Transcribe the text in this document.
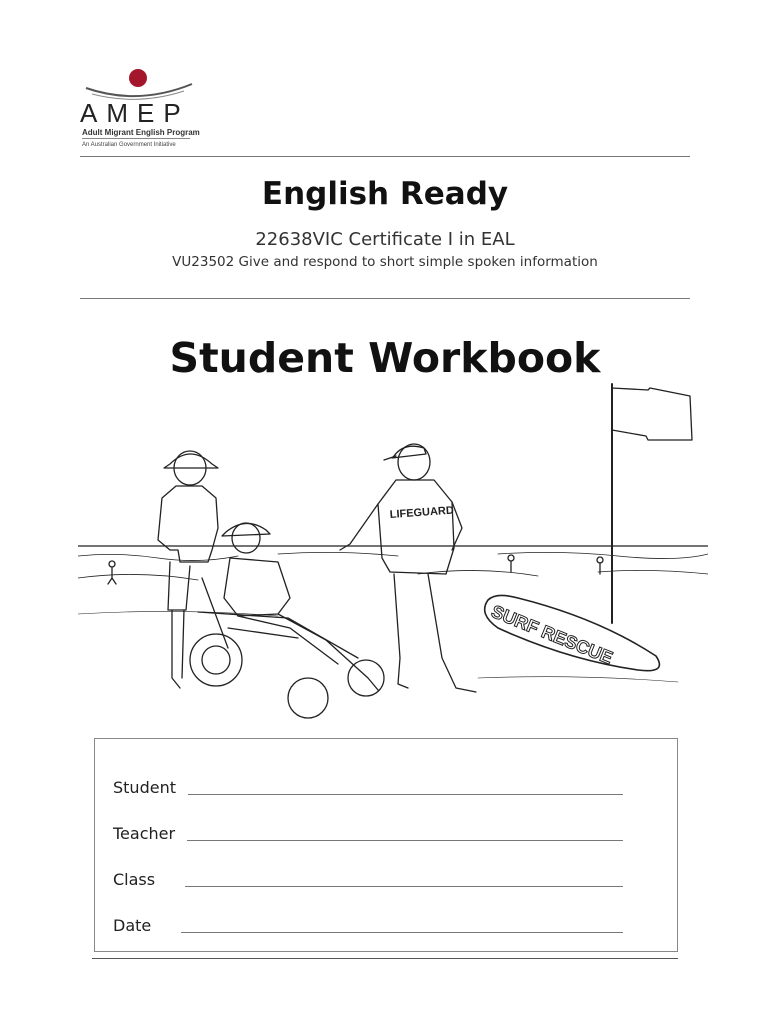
AMEP
Adult Migrant English Program
An Australian Government Initiative
English Ready
22638VIC Certificate I in EAL
VU23502 Give and respond to short simple spoken information
Student Workbook
LIFEGUARD
SURF RESCUE
Student
Teacher
Class
Date
